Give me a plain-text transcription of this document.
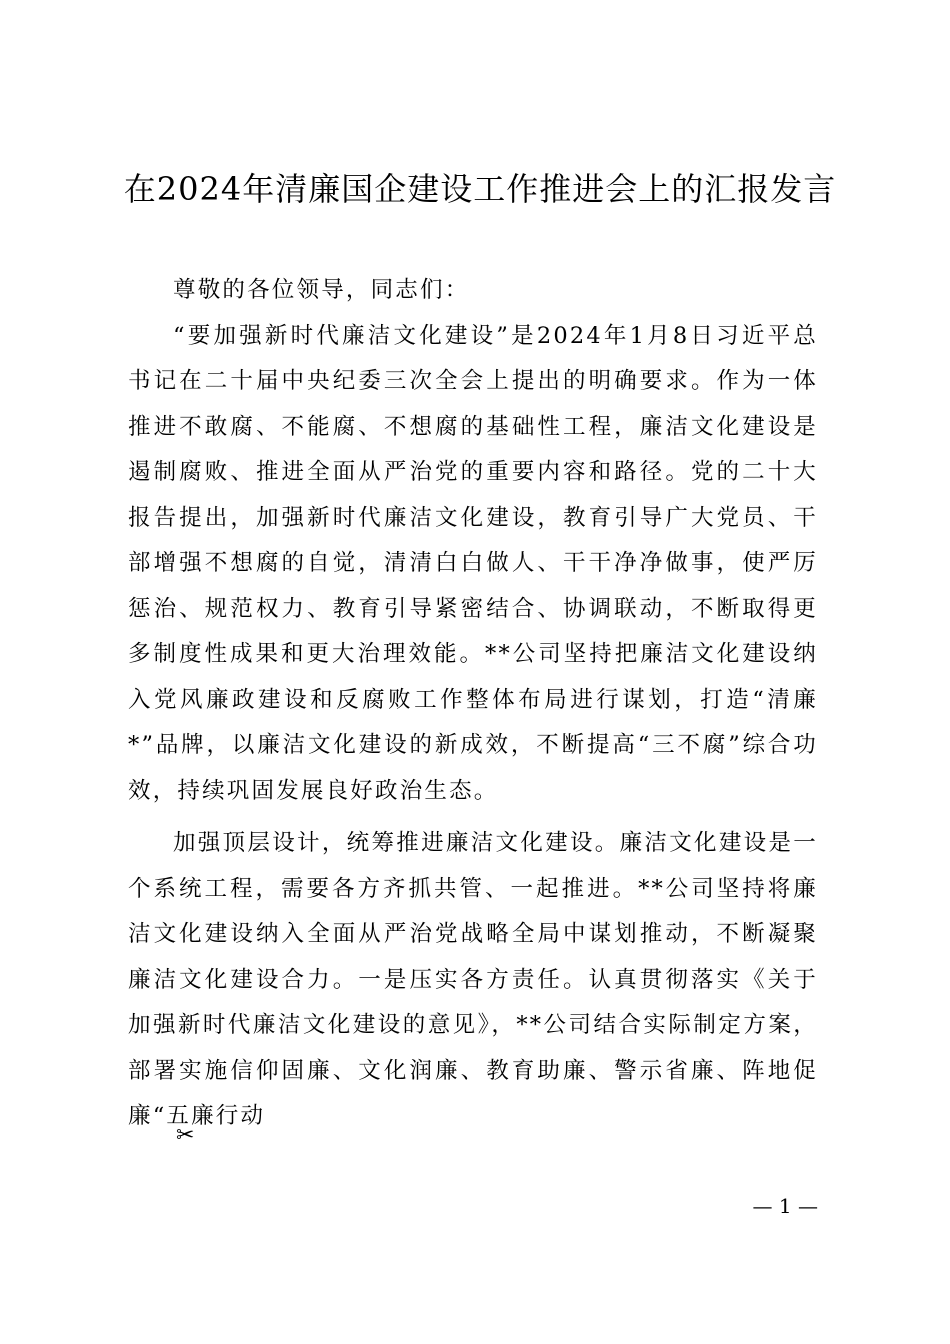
在2024年清廉国企建设工作推进会上的汇报发言

尊敬的各位领导，同志们：

“要加强新时代廉洁文化建设”是2024年1月8日习近平总书记在二十届中央纪委三次全会上提出的明确要求。作为一体推进不敢腐、不能腐、不想腐的基础性工程，廉洁文化建设是遏制腐败、推进全面从严治党的重要内容和路径。党的二十大报告提出，加强新时代廉洁文化建设，教育引导广大党员、干部增强不想腐的自觉，清清白白做人、干干净净做事，使严厉惩治、规范权力、教育引导紧密结合、协调联动，不断取得更多制度性成果和更大治理效能。**公司坚持把廉洁文化建设纳入党风廉政建设和反腐败工作整体布局进行谋划，打造“清廉*”品牌，以廉洁文化建设的新成效，不断提高“三不腐”综合功效，持续巩固发展良好政治生态。

加强顶层设计，统筹推进廉洁文化建设。廉洁文化建设是一个系统工程，需要各方齐抓共管、一起推进。**公司坚持将廉洁文化建设纳入全面从严治党战略全局中谋划推动，不断凝聚廉洁文化建设合力。一是压实各方责任。认真贯彻落实《关于加强新时代廉洁文化建设的意见》，**公司结合实际制定方案，部署实施信仰固廉、文化润廉、教育助廉、警示省廉、阵地促廉“五廉行动

✂
— 1 —
